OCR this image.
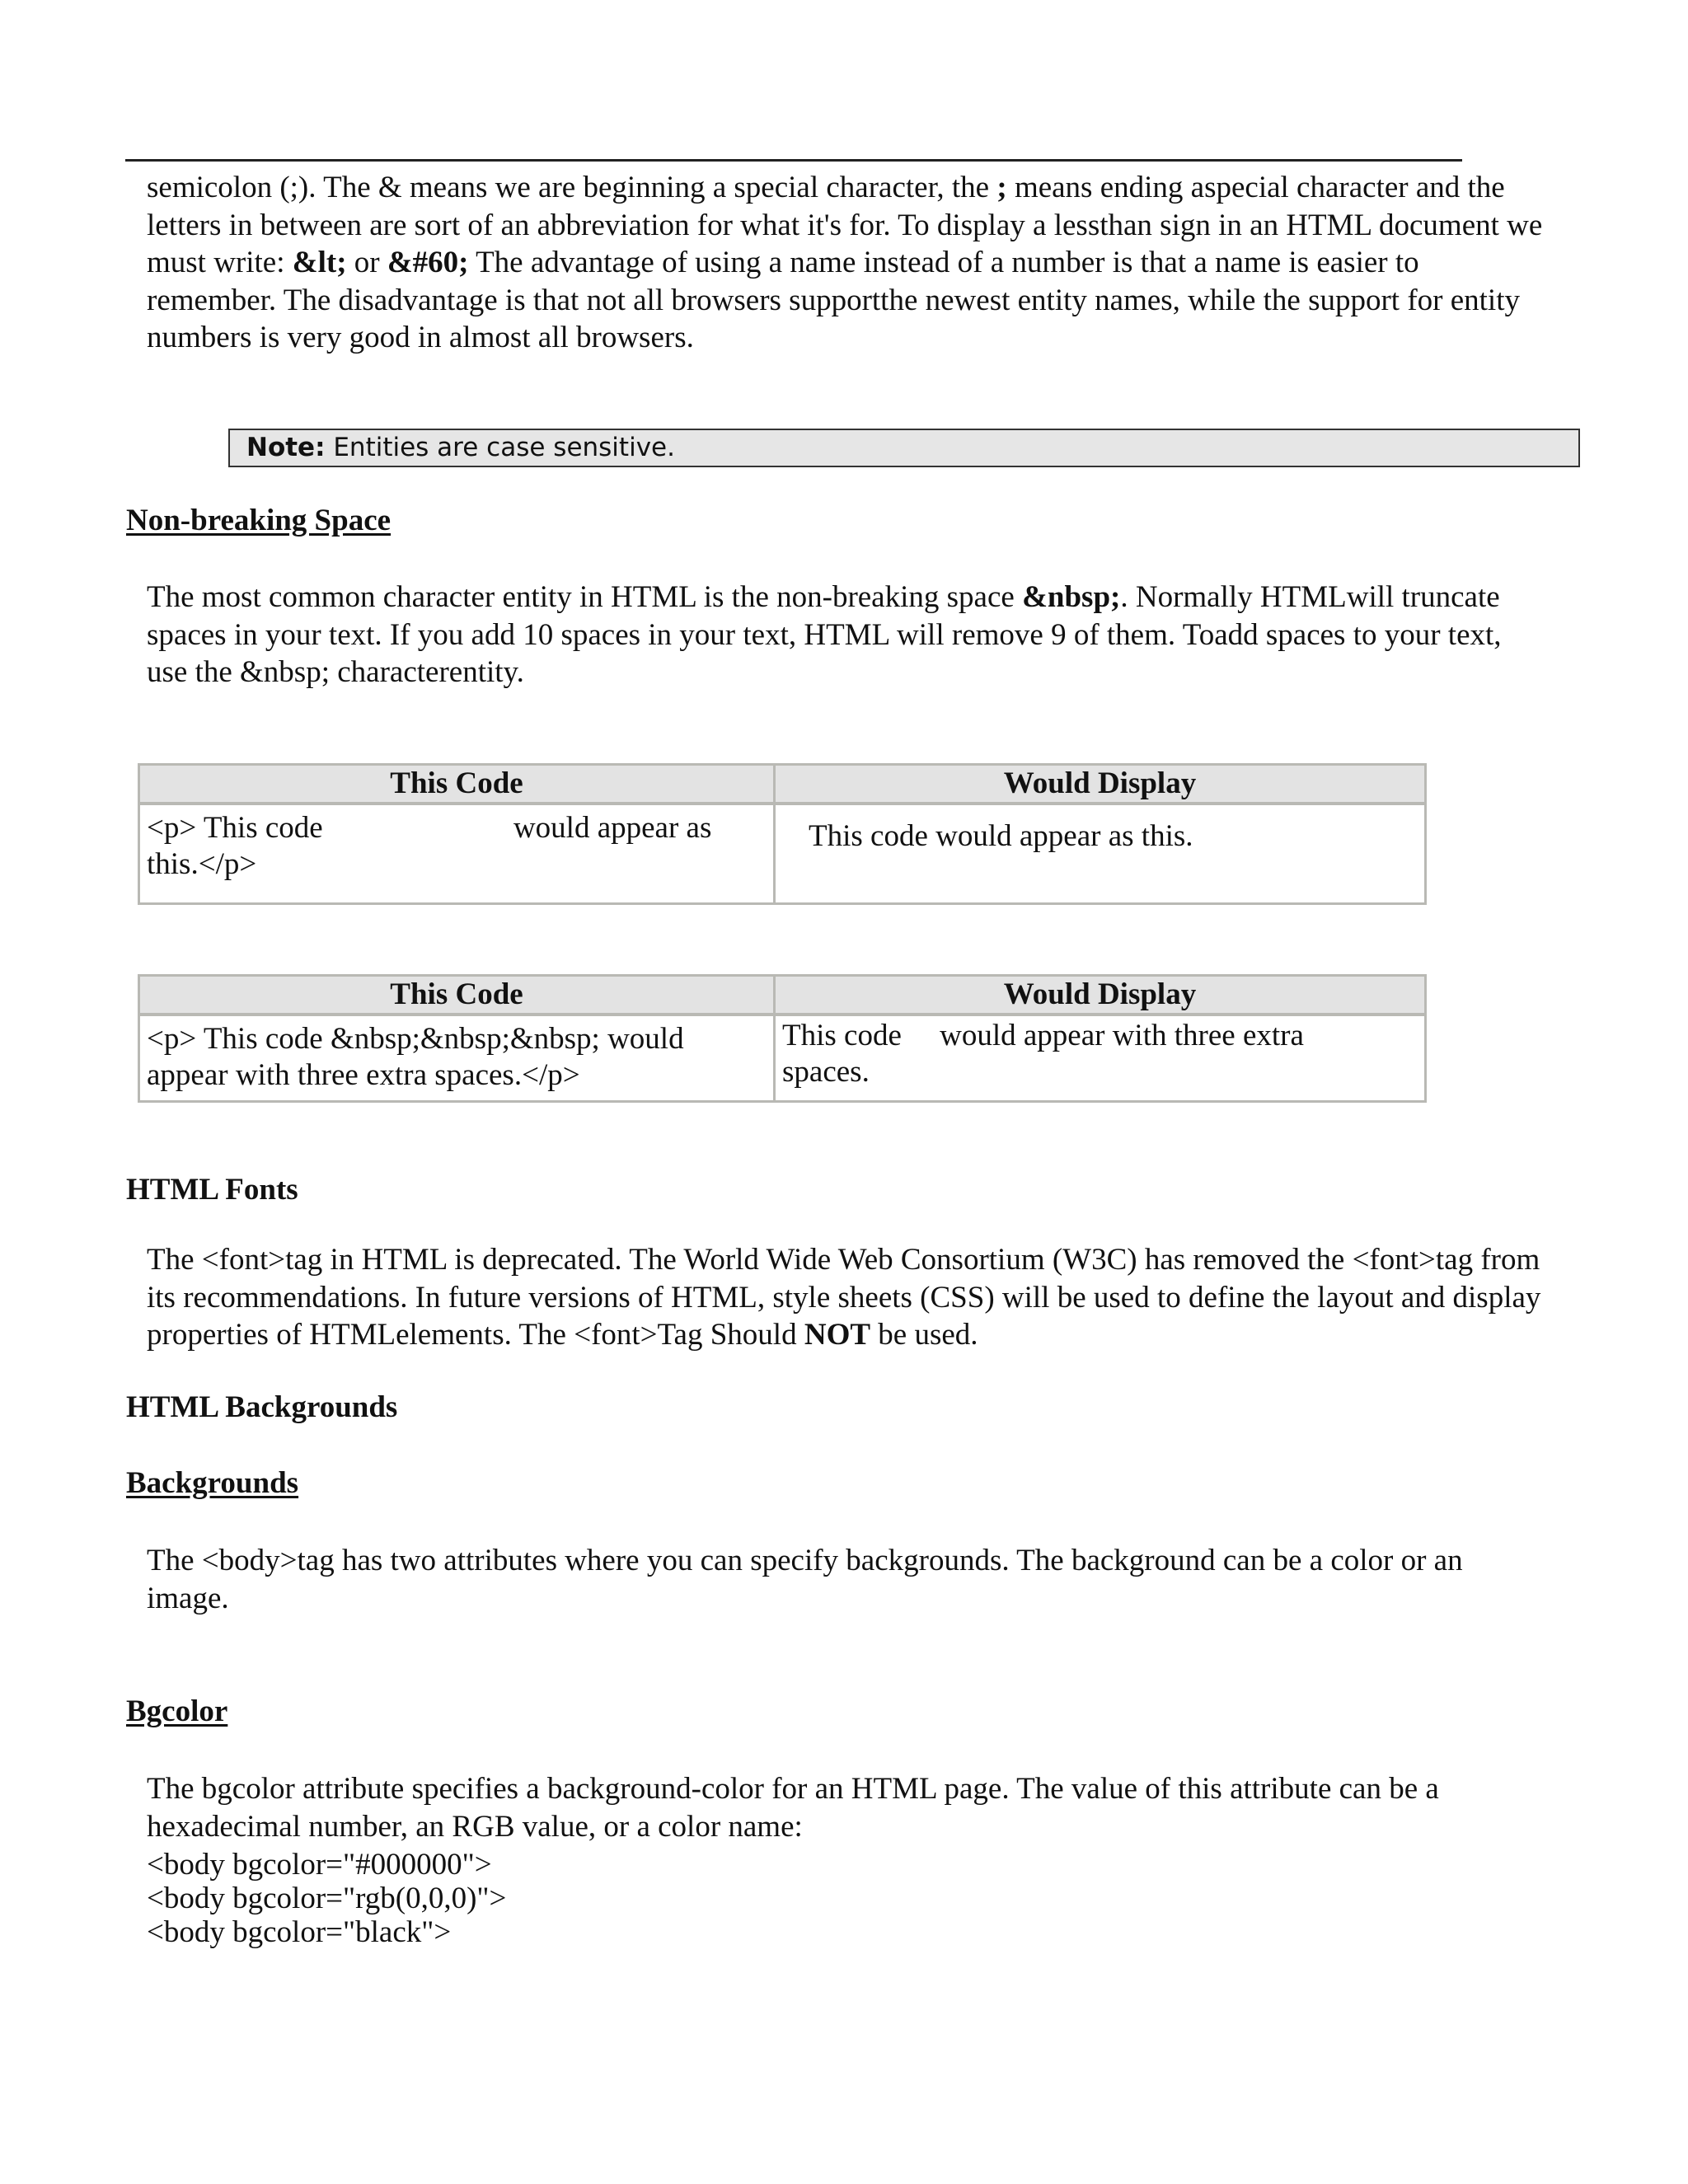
semicolon (;). The & means we are beginning a special character, the ; means ending aspecial character and the letters in between are sort of an abbreviation for what it's for. To display a lessthan sign in an HTML document we must write: &lt; or &#60; The advantage of using a name instead of a number is that a name is easier to remember. The disadvantage is that not all browsers supportthe newest entity names, while the support for entity numbers is very good in almost all browsers.

Note: Entities are case sensitive.
Non-breaking Space

The most common character entity in HTML is the non-breaking space &nbsp;. Normally HTMLwill truncate spaces in your text. If you add 10 spaces in your text, HTML will remove 9 of them. Toadd spaces to your text, use the &nbsp; characterentity.

This Code	Would Display
<p> This code                         would appear as this.</p>	This code would appear as this.
This Code	Would Display
<p> This code &nbsp;&nbsp;&nbsp; would appear with three extra spaces.</p>	This code     would appear with three extra spaces.
HTML Fonts

The <font>tag in HTML is deprecated. The World Wide Web Consortium (W3C) has removed the <font>tag from its recommendations. In future versions of HTML, style sheets (CSS) will be used to define the layout and display properties of HTMLelements. The <font>Tag Should NOT be used.

HTML Backgrounds
Backgrounds

The <body>tag has two attributes where you can specify backgrounds. The background can be a color or an image.

Bgcolor

The bgcolor attribute specifies a background-color for an HTML page. The value of this attribute can be a hexadecimal number, an RGB value, or a color name:

<body bgcolor="#000000">
<body bgcolor="rgb(0,0,0)">
<body bgcolor="black">
